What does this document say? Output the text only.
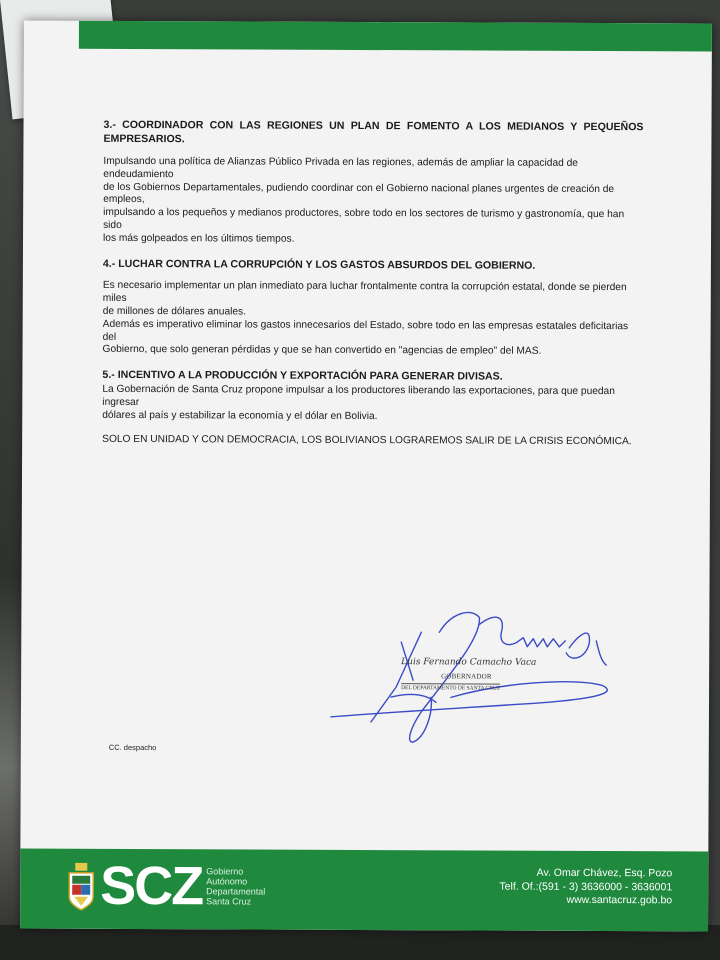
3.- COORDINADOR CON LAS REGIONES UN PLAN DE FOMENTO A LOS MEDIANOS Y PEQUEÑOS EMPRESARIOS.

Impulsando una política de Alianzas Público Privada en las regiones, además de ampliar la capacidad de endeudamiento

de los Gobiernos Departamentales, pudiendo coordinar con el Gobierno nacional planes urgentes de creación de empleos,

impulsando a los pequeños y medianos productores, sobre todo en los sectores de turismo y gastronomía, que han sido

los más golpeados en los últimos tiempos.

4.- LUCHAR CONTRA LA CORRUPCIÓN Y LOS GASTOS ABSURDOS DEL GOBIERNO.

Es necesario implementar un plan inmediato para luchar frontalmente contra la corrupción estatal, donde se pierden miles

de millones de dólares anuales.

Además es imperativo eliminar los gastos innecesarios del Estado, sobre todo en las empresas estatales deficitarias del

Gobierno, que solo generan pérdidas y que se han convertido en "agencias de empleo" del MAS.

5.- INCENTIVO A LA PRODUCCIÓN Y EXPORTACIÓN PARA GENERAR DIVISAS.

La Gobernación de Santa Cruz propone impulsar a los productores liberando las exportaciones, para que puedan ingresar

dólares al país y estabilizar la economía y el dólar en Bolivia.

SOLO EN UNIDAD Y CON DEMOCRACIA, LOS BOLIVIANOS LOGRAREMOS SALIR DE LA CRISIS ECONÓMICA.
Luis Fernando Camacho Vaca
GOBERNADOR
DEL DEPARTAMENTO DE SANTA CRUZ
CC. despacho
SCZ Gobierno
Autónomo
Departamental
Santa Cruz
Av. Omar Chávez, Esq. Pozo
Telf. Of.:(591 - 3) 3636000 - 3636001
www.santacruz.gob.bo
